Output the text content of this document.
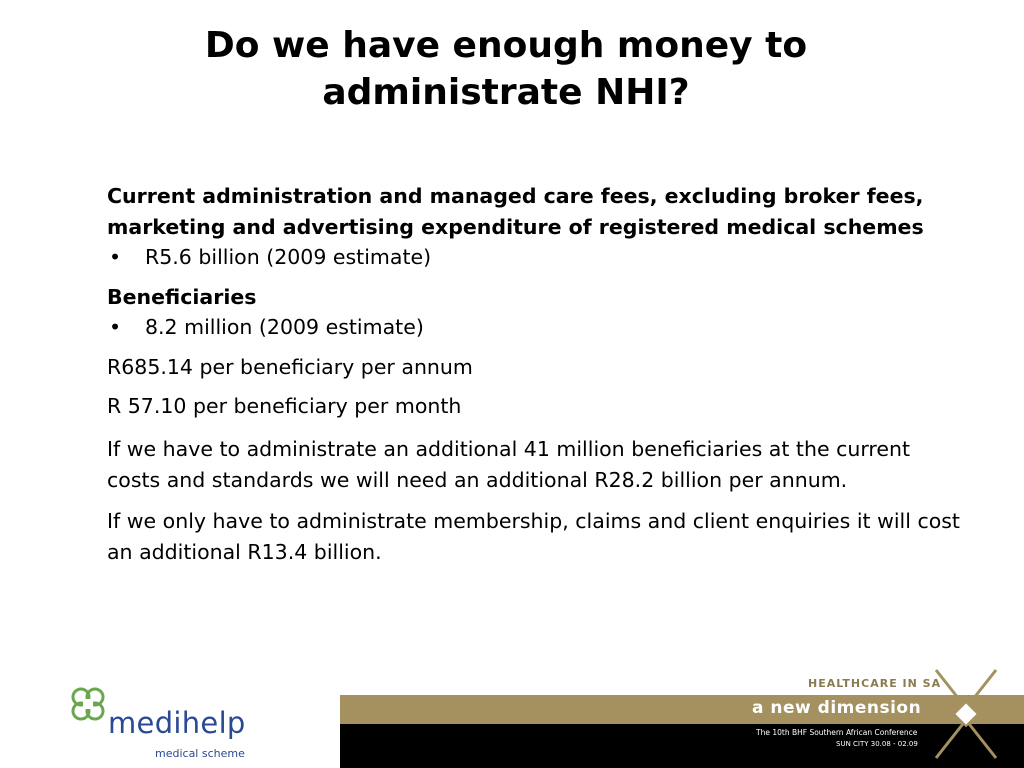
Do we have enough money to
administrate NHI?

Current administration and managed care fees, excluding broker fees, marketing and advertising expenditure of registered medical schemes

• R5.6 billion (2009 estimate)

Beneficiaries

• 8.2 million (2009 estimate)

R685.14 per beneficiary per annum

R 57.10 per beneficiary per month

If we have to administrate an additional 41 million beneficiaries at the current costs and standards we will need an additional R28.2 billion per annum.

If we only have to administrate membership, claims and client enquiries it will cost an additional R13.4 billion.

medihelp
medical scheme
HEALTHCARE IN SA
a new dimension
The 10th BHF Southern African Conference
SUN CITY 30.08 - 02.09
